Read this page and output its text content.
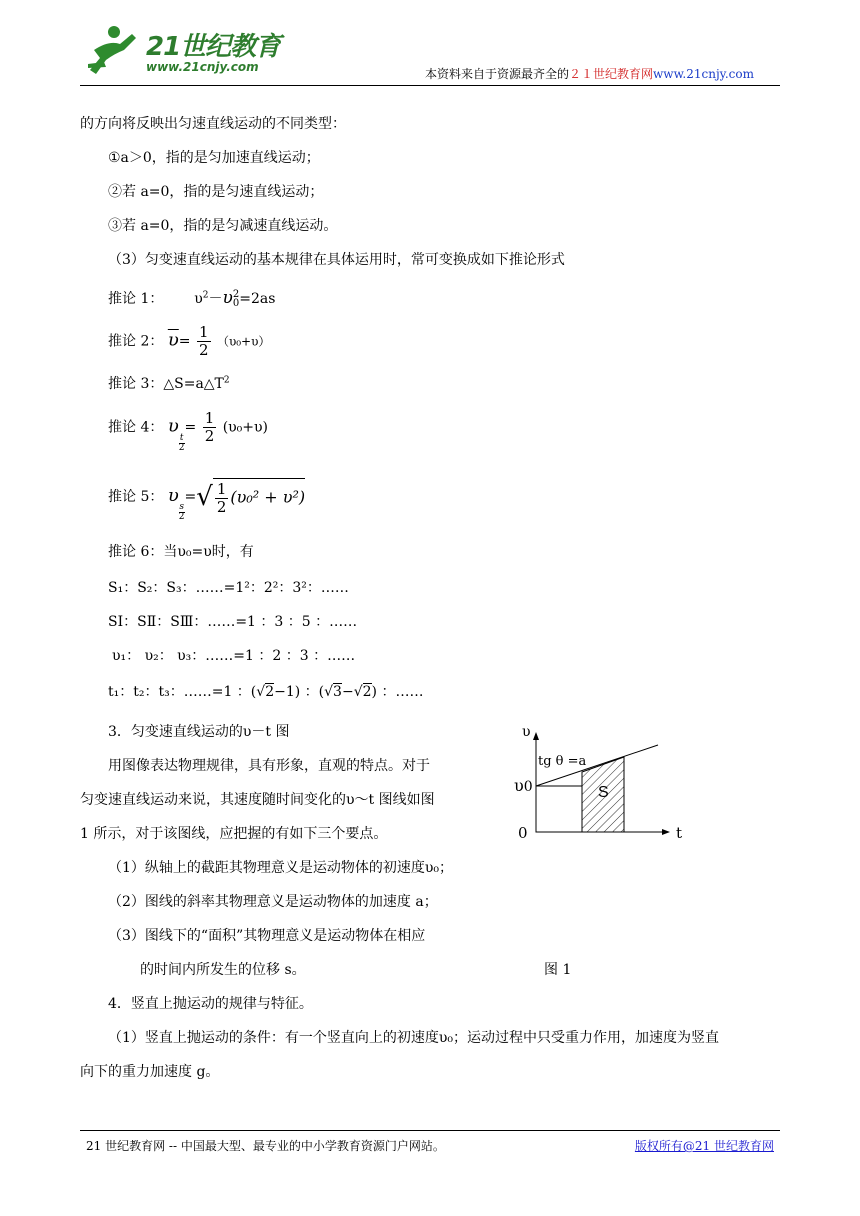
21世纪教育
www.21cnjy.com	本资料来自于资源最齐全的２１世纪教育网www.21cnjy.com
的方向将反映出匀速直线运动的不同类型：
①a＞0，指的是匀加速直线运动；
②若 a=0，指的是匀速直线运动；
③若 a=0，指的是匀减速直线运动。
（3）匀变速直线运动的基本规律在具体运用时，常可变换成如下推论形式
推论 1： $\upsilon^2-\upsilon$ 2
0 =2as
推论 2： $\overline{\upsilon}= \frac{1}{2} (\upsilon_0+\upsilon)$
推论 3：$\triangle S=a\triangle T^2$
推论 4： υ
$\frac{t}{2}$
= $\frac{1}{2} (\upsilon_0+\upsilon)$
推论 5： υ
$\frac{s}{2}$
=√ $\frac{1}{2} (\upsilon_0^2 + \upsilon^2)$
推论 6：当υ₀=υ时，有
S₁：S₂：S₃：……=1²：2²：3²：……
SⅠ：SⅡ：SⅢ：……=1 ：3 ：5 ：……
υ₁： υ₂： υ₃：……=1 ：2 ：3 ：……
t₁：t₂：t₃：……=1 ：(√2−1) ：(√3−√2) ：……
3．匀变速直线运动的υ－t 图
用图像表达物理规律，具有形象，直观的特点。对于
匀变速直线运动来说，其速度随时间变化的υ～t 图线如图
1 所示，对于该图线，应把握的有如下三个要点。
（1）纵轴上的截距其物理意义是运动物体的初速度υ₀；
（2）图线的斜率其物理意义是运动物体的加速度 a；
（3）图线下的“面积”其物理意义是运动物体在相应
的时间内所发生的位移 s。
4．竖直上抛运动的规律与特征。
（1）竖直上抛运动的条件：有一个竖直向上的初速度υ₀；运动过程中只受重力作用，加速度为竖直
向下的重力加速度 g。
υ
tg θ =a
υ0	S
0	t
图 1
21 世纪教育网 -- 中国最大型、最专业的中小学教育资源门户网站。	版权所有@21 世纪教育网
